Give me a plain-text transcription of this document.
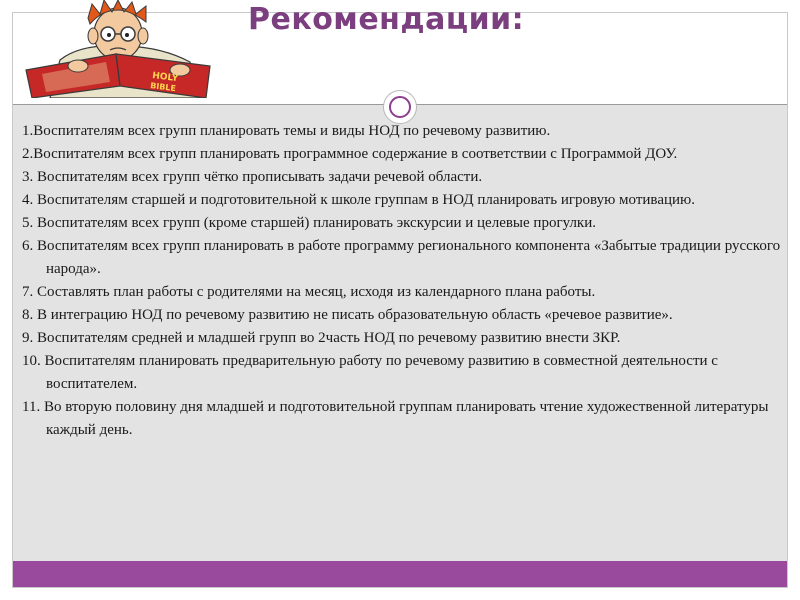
HOLY
BIBLE
Рекомендации:

1.Воспитателям всех групп планировать темы и виды НОД по речевому развитию.

2.Воспитателям всех групп планировать программное содержание в соответствии с Программой ДОУ.

3. Воспитателям всех групп чётко прописывать задачи речевой области.

4. Воспитателям старшей и подготовительной к школе группам в НОД планировать игровую мотивацию.

5. Воспитателям всех групп (кроме старшей) планировать экскурсии и целевые прогулки.

6. Воспитателям всех групп планировать в работе программу регионального компонента «Забытые традиции русского народа».

7. Составлять план работы с родителями на месяц, исходя из календарного плана работы.

8. В интеграцию НОД по речевому развитию не писать образовательную область «речевое развитие».

9. Воспитателям средней и младшей групп во 2часть НОД по речевому развитию внести ЗКР.

10. Воспитателям планировать предварительную работу по речевому развитию в совместной деятельности с воспитателем.

11. Во вторую половину дня младшей и подготовительной группам планировать чтение художественной литературы каждый день.
